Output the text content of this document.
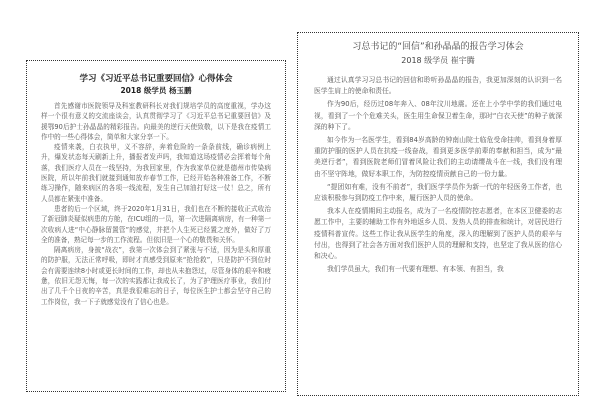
学习《习近平总书记重要回信》心得体会
2018 级学员 杨玉鹏

首先感谢市医院领导及科室教研科长对我们规培学员的高度重视，学办这样一个很有意义的交流座谈会，认真贯彻学习了《习近平总书记重要回信》及援鄂90后护士孙晶晶的精彩报告。向最美的逆行天使致敬，以下是我在疫情工作中的一些心得体会，简单和大家分享一下。

疫情来袭，白衣执甲，义不容辞，奔着危险的一条条前线，确诊病例上升，爆发状态每天刷新上升，播报者发声吗，我知道这场疫情必会挥着每个角落，我们医疗人员在一线坚持，为我回家里，作为我家单位就是德州市传染病医院，所以年前我们就接到通知放弃春节工作，已经开始各种准备工作，不断练习操作，随来病区的各项一线流程，发生自己加油打好这一仗！总之，所有人员都在紧张中准备。

患者的后一个区域，终于2020年1月31日，我们也在不断的接收正式收治了新冠肺炎疑似病患的方舱，在ICU组的一员，第一次进隔离病房，有一种第一次收病人进“中心静脉留置管”的感觉，并把个人生死已经置之度外，做好了万全的准备，熟记每一步的工作流程。但依旧是一个心的敬畏和关怀。

隔离病房，身披“战衣”，我第一次体会到了紧张与不适，因为是头和厚重的防护服，无法正常呼吸，即时才真感受到原来“抢抢救”，只是防护不到位时会有需要连续8小时或更长时间的工作，却也从未抱怨过，尽管身体的艰辛和疲惫，依旧无怨无悔，每一次的实践都让我成长了，为了护理医疗事业，我们付出了几千个日夜的辛苦，真是我很难忘的日子，每位医生护士都会坚守自己的工作岗位，我一下子就感觉没有了信心也是。

习总书记的“回信”和孙晶晶的报告学习体会
2018 级学员 崔宇腾

通过认真学习习总书记的回信和聆听孙晶晶的报告，我更加深刻的认识到一名医学生肩上的使命和责任。

作为90后，经历过08年奔入、08年汶川地震。还在上小学中学的我们通过电视，看到了一个个危难关头，医生用生命保卫着生命，那时“白衣天使”的种子就深深的种下了。

如今作为一名医学生，看到84岁高龄的钟南山院士临危受命挂帅，看到身着厚重防护服的医护人员在抗疫一线奋战，看到更多医学前辈的奉献和担当，成为“最美逆行者”，看到医院老师们冒着风险让我们的主动请缨战斗在一线，我们没有理由不坚守阵地，做好本职工作，为防控疫情贡献自己的一份力量。

“提团如有难，没有不前者”，我们医学学员作为新一代的年轻医务工作者，也应该积极参与到防疫工作中来，履行医护人员的使命。

我本人在疫情期间主动报名，成为了一名疫情防控志愿者，在本区卫健委的志愿工作中，主要的辅助工作有外地返乡人员、发热人员的排查和统计，对居民进行疫情科普宣传。这些工作让我从医学生的角度，深入的理解到了医护人员的艰辛与付出，也得到了社会各方面对我们医护人员的理解和支持，也坚定了我从医的信心和决心。

我们学员虽大，我们有一代要有理想、有本领、有担当，我
